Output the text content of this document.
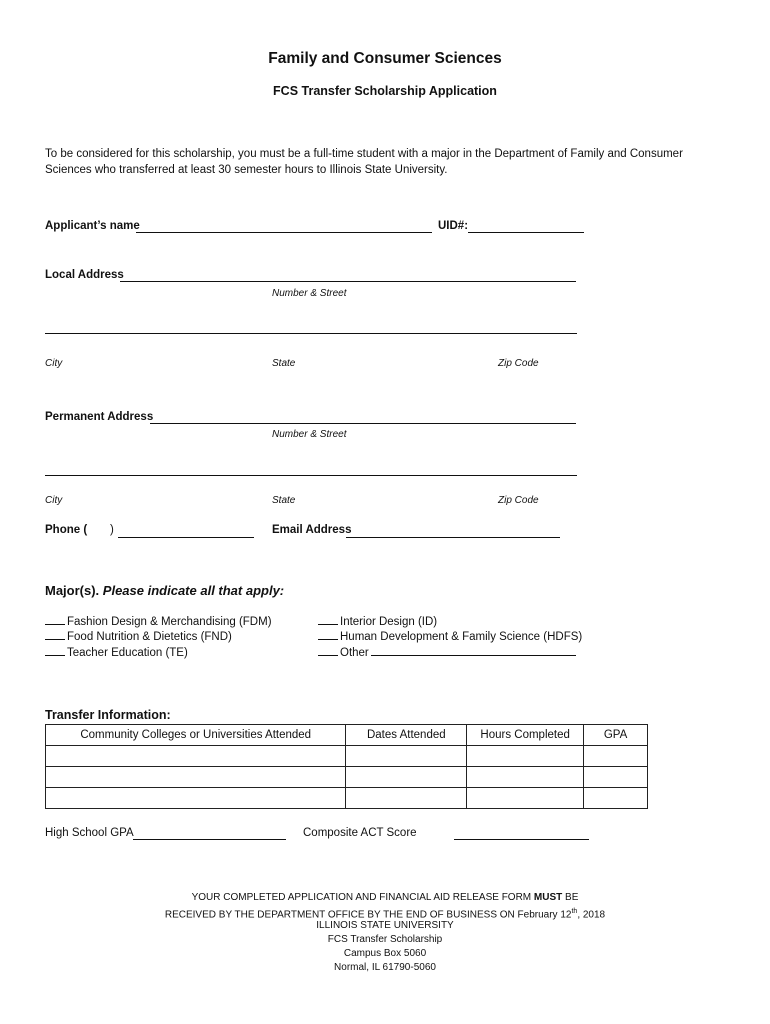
Family and Consumer Sciences
FCS Transfer Scholarship Application
To be considered for this scholarship, you must be a full-time student with a major in the Department of Family and Consumer
Sciences who transferred at least 30 semester hours to Illinois State University.
Applicant’s name	UID#:
Local Address
Number & Street
City	State	Zip Code
Permanent Address
Number & Street
City	State	Zip Code
Phone ( )	Email Address
Major(s). Please indicate all that apply:
Fashion Design & Merchandising (FDM)
Food Nutrition & Dietetics (FND)
Teacher Education (TE)
Interior Design (ID)
Human Development & Family Science (HDFS)
Other
Transfer Information:
Community Colleges or Universities Attended	Dates Attended	Hours Completed	GPA

High School GPA	Composite ACT Score
YOUR COMPLETED APPLICATION AND FINANCIAL AID RELEASE FORM MUST BE
RECEIVED BY THE DEPARTMENT OFFICE BY THE END OF BUSINESS ON February 12th, 2018
ILLINOIS STATE UNIVERSITY
FCS Transfer Scholarship
Campus Box 5060
Normal, IL 61790-5060
